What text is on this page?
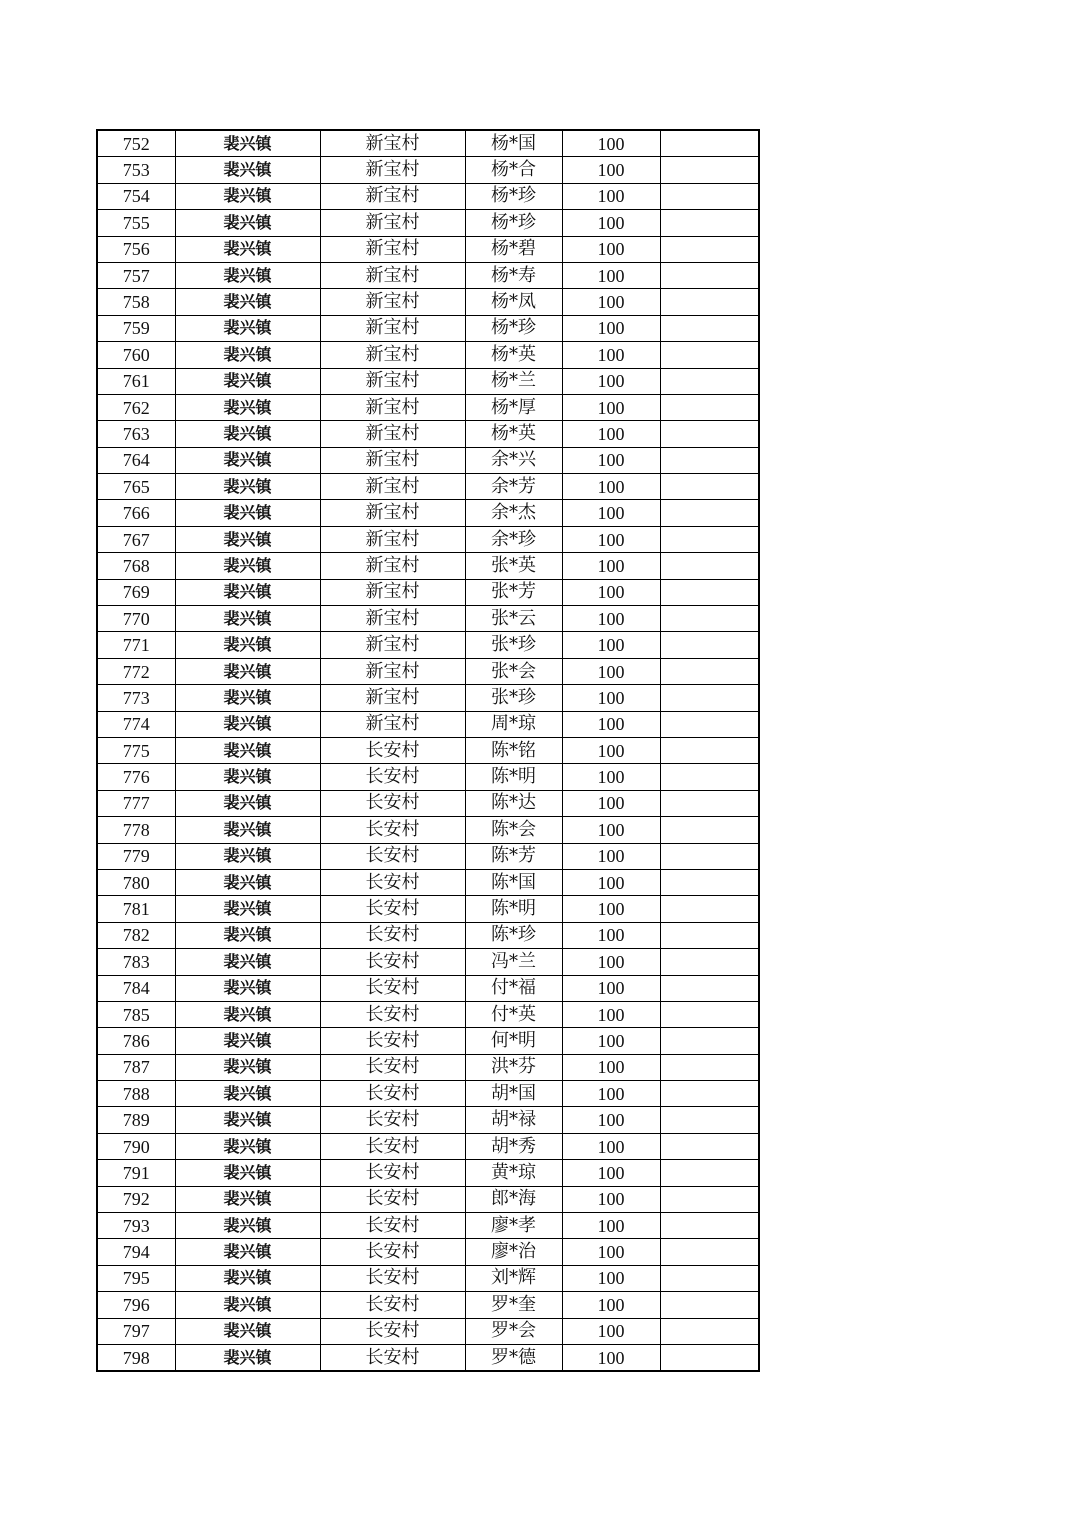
752	裴兴镇	新宝村	杨*国	100	
753	裴兴镇	新宝村	杨*合	100	
754	裴兴镇	新宝村	杨*珍	100	
755	裴兴镇	新宝村	杨*珍	100	
756	裴兴镇	新宝村	杨*碧	100	
757	裴兴镇	新宝村	杨*寿	100	
758	裴兴镇	新宝村	杨*凤	100	
759	裴兴镇	新宝村	杨*珍	100	
760	裴兴镇	新宝村	杨*英	100	
761	裴兴镇	新宝村	杨*兰	100	
762	裴兴镇	新宝村	杨*厚	100	
763	裴兴镇	新宝村	杨*英	100	
764	裴兴镇	新宝村	余*兴	100	
765	裴兴镇	新宝村	余*芳	100	
766	裴兴镇	新宝村	余*杰	100	
767	裴兴镇	新宝村	余*珍	100	
768	裴兴镇	新宝村	张*英	100	
769	裴兴镇	新宝村	张*芳	100	
770	裴兴镇	新宝村	张*云	100	
771	裴兴镇	新宝村	张*珍	100	
772	裴兴镇	新宝村	张*会	100	
773	裴兴镇	新宝村	张*珍	100	
774	裴兴镇	新宝村	周*琼	100	
775	裴兴镇	长安村	陈*铭	100	
776	裴兴镇	长安村	陈*明	100	
777	裴兴镇	长安村	陈*达	100	
778	裴兴镇	长安村	陈*会	100	
779	裴兴镇	长安村	陈*芳	100	
780	裴兴镇	长安村	陈*国	100	
781	裴兴镇	长安村	陈*明	100	
782	裴兴镇	长安村	陈*珍	100	
783	裴兴镇	长安村	冯*兰	100	
784	裴兴镇	长安村	付*福	100	
785	裴兴镇	长安村	付*英	100	
786	裴兴镇	长安村	何*明	100	
787	裴兴镇	长安村	洪*芬	100	
788	裴兴镇	长安村	胡*国	100	
789	裴兴镇	长安村	胡*禄	100	
790	裴兴镇	长安村	胡*秀	100	
791	裴兴镇	长安村	黄*琼	100	
792	裴兴镇	长安村	郎*海	100	
793	裴兴镇	长安村	廖*孝	100	
794	裴兴镇	长安村	廖*治	100	
795	裴兴镇	长安村	刘*辉	100	
796	裴兴镇	长安村	罗*奎	100	
797	裴兴镇	长安村	罗*会	100	
798	裴兴镇	长安村	罗*德	100	
